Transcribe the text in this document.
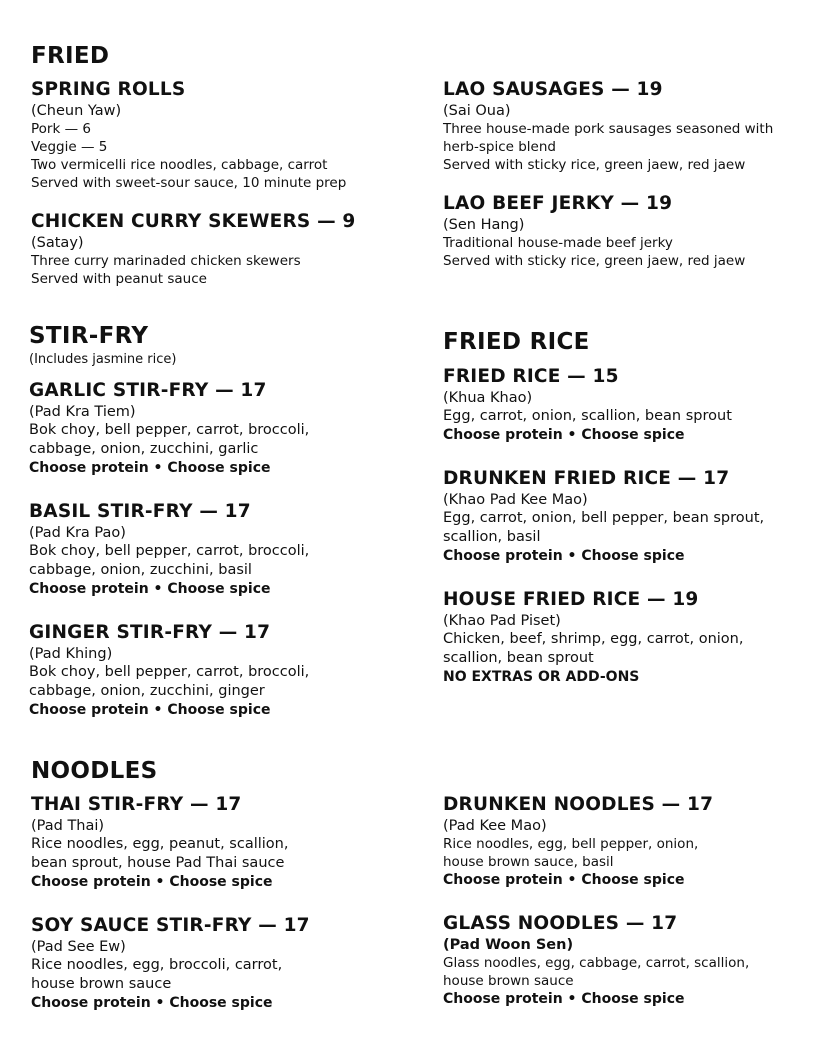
FRIED
SPRING ROLLS
(Cheun Yaw)
Pork — 6
Veggie — 5
Two vermicelli rice noodles, cabbage, carrot
Served with sweet-sour sauce, 10 minute prep
CHICKEN CURRY SKEWERS — 9
(Satay)
Three curry marinaded chicken skewers
Served with peanut sauce
LAO SAUSAGES — 19
(Sai Oua)
Three house-made pork sausages seasoned with
herb-spice blend
Served with sticky rice, green jaew, red jaew
LAO BEEF JERKY — 19
(Sen Hang)
Traditional house-made beef jerky
Served with sticky rice, green jaew, red jaew
STIR-FRY
(Includes jasmine rice)
GARLIC STIR-FRY — 17
(Pad Kra Tiem)
Bok choy, bell pepper, carrot, broccoli,
cabbage, onion, zucchini, garlic
Choose protein • Choose spice
BASIL STIR-FRY — 17
(Pad Kra Pao)
Bok choy, bell pepper, carrot, broccoli,
cabbage, onion, zucchini, basil
Choose protein • Choose spice
GINGER STIR-FRY — 17
(Pad Khing)
Bok choy, bell pepper, carrot, broccoli,
cabbage, onion, zucchini, ginger
Choose protein • Choose spice
FRIED RICE
FRIED RICE — 15
(Khua Khao)
Egg, carrot, onion, scallion, bean sprout
Choose protein • Choose spice
DRUNKEN FRIED RICE — 17
(Khao Pad Kee Mao)
Egg, carrot, onion, bell pepper, bean sprout,
scallion, basil
Choose protein • Choose spice
HOUSE FRIED RICE — 19
(Khao Pad Piset)
Chicken, beef, shrimp, egg, carrot, onion,
scallion, bean sprout
NO EXTRAS OR ADD-ONS
NOODLES
THAI STIR-FRY — 17
(Pad Thai)
Rice noodles, egg, peanut, scallion,
bean sprout, house Pad Thai sauce
Choose protein • Choose spice
SOY SAUCE STIR-FRY — 17
(Pad See Ew)
Rice noodles, egg, broccoli, carrot,
house brown sauce
Choose protein • Choose spice
DRUNKEN NOODLES — 17
(Pad Kee Mao)
Rice noodles, egg, bell pepper, onion,
house brown sauce, basil
Choose protein • Choose spice
GLASS NOODLES — 17
(Pad Woon Sen)
Glass noodles, egg, cabbage, carrot, scallion,
house brown sauce
Choose protein • Choose spice
